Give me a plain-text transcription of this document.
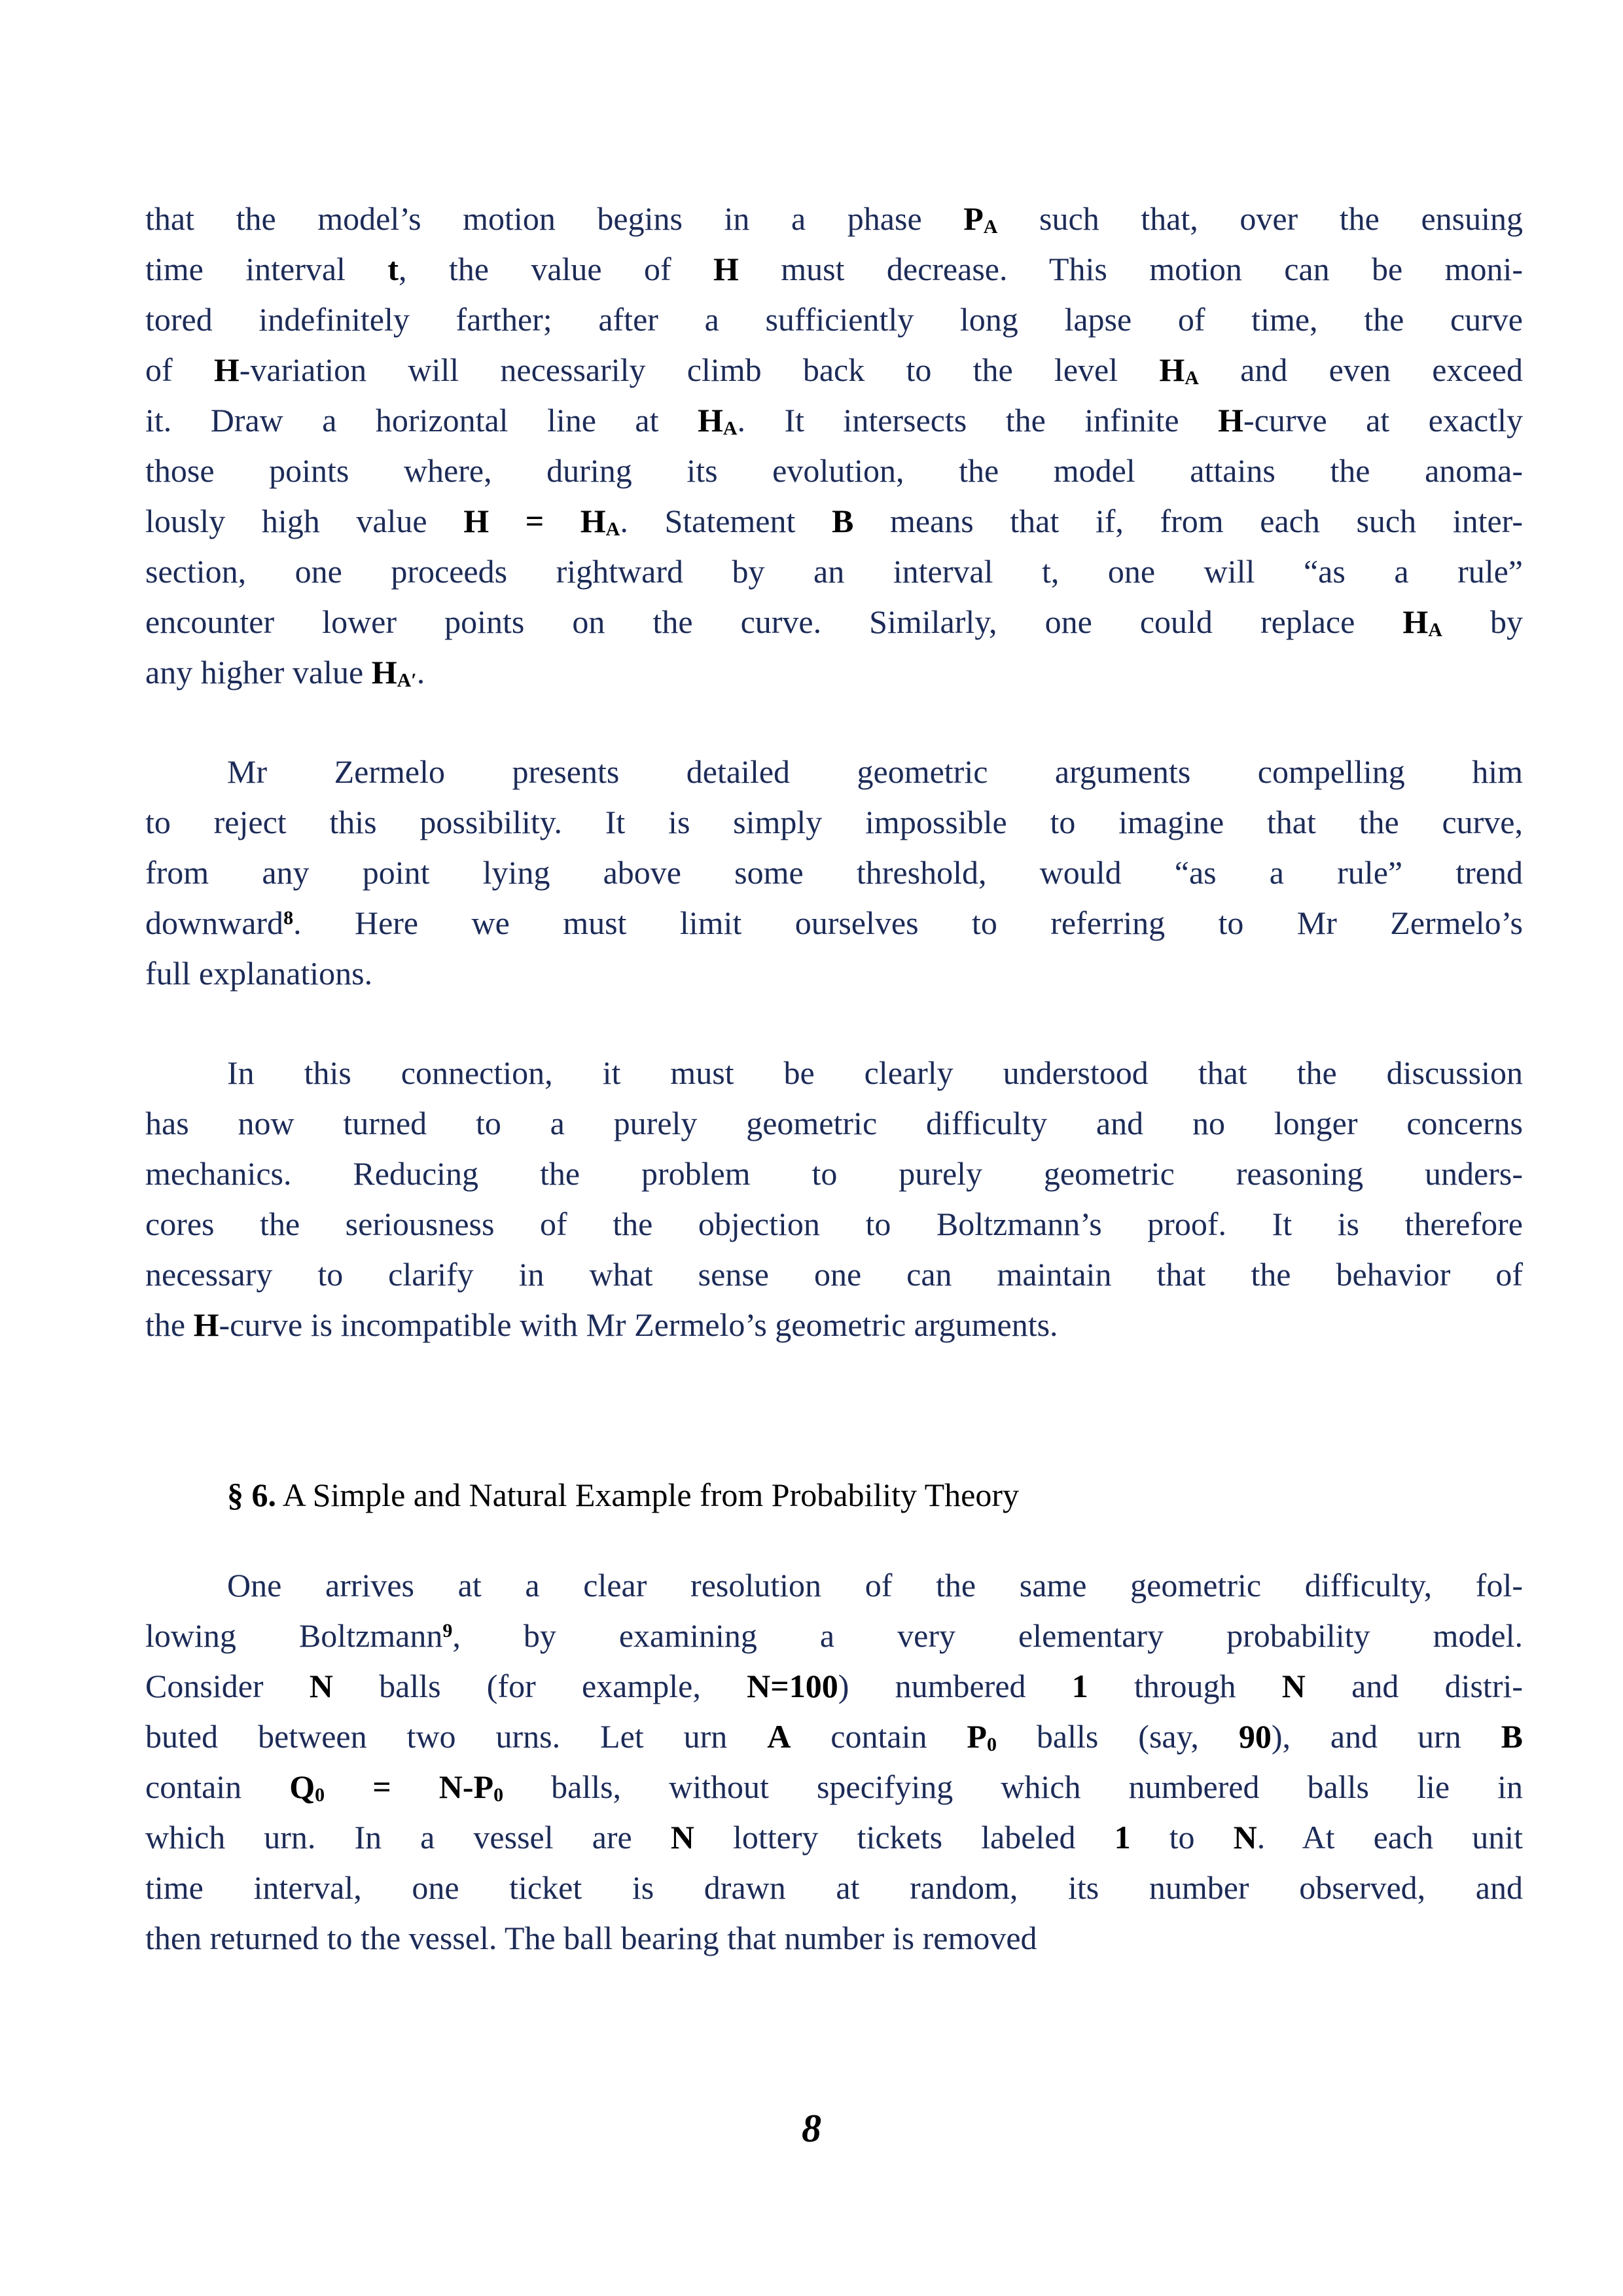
that the model’s motion begins in a phase $P_A$ such that, over the ensuing
time interval t, the value of H must decrease. This motion can be moni-
tored indefinitely farther; after a sufficiently long lapse of time, the curve
of H-variation will necessarily climb back to the level $H_A$ and even exceed
it. Draw a horizontal line at $H_A$. It intersects the infinite H-curve at exactly
those points where, during its evolution, the model attains the anoma-
lously high value $H = H_A$. Statement B means that if, from each such inter-
section, one proceeds rightward by an interval t, one will “as a rule”
encounter lower points on the curve. Similarly, one could replace $H_A$ by
any higher value $H_{A'}$.
Mr Zermelo presents detailed geometric arguments compelling him
to reject this possibility. It is simply impossible to imagine that the curve,
from any point lying above some threshold, would “as a rule” trend
downward$^8$. Here we must limit ourselves to referring to Mr Zermelo’s
full explanations.
In this connection, it must be clearly understood that the discussion
has now turned to a purely geometric difficulty and no longer concerns
mechanics. Reducing the problem to purely geometric reasoning unders-
cores the seriousness of the objection to Boltzmann’s proof. It is therefore
necessary to clarify in what sense one can maintain that the behavior of
the H-curve is incompatible with Mr Zermelo’s geometric arguments.
§ 6. A Simple and Natural Example from Probability Theory
One arrives at a clear resolution of the same geometric difficulty, fol-
lowing Boltzmann$^9$, by examining a very elementary probability model.
Consider N balls (for example, N=100) numbered 1 through N and distri-
buted between two urns. Let urn A contain $P_0$ balls (say, 90), and urn B
contain $Q_0 = N-P_0$ balls, without specifying which numbered balls lie in
which urn. In a vessel are N lottery tickets labeled 1 to N. At each unit
time interval, one ticket is drawn at random, its number observed, and
then returned to the vessel. The ball bearing that number is removed
8
